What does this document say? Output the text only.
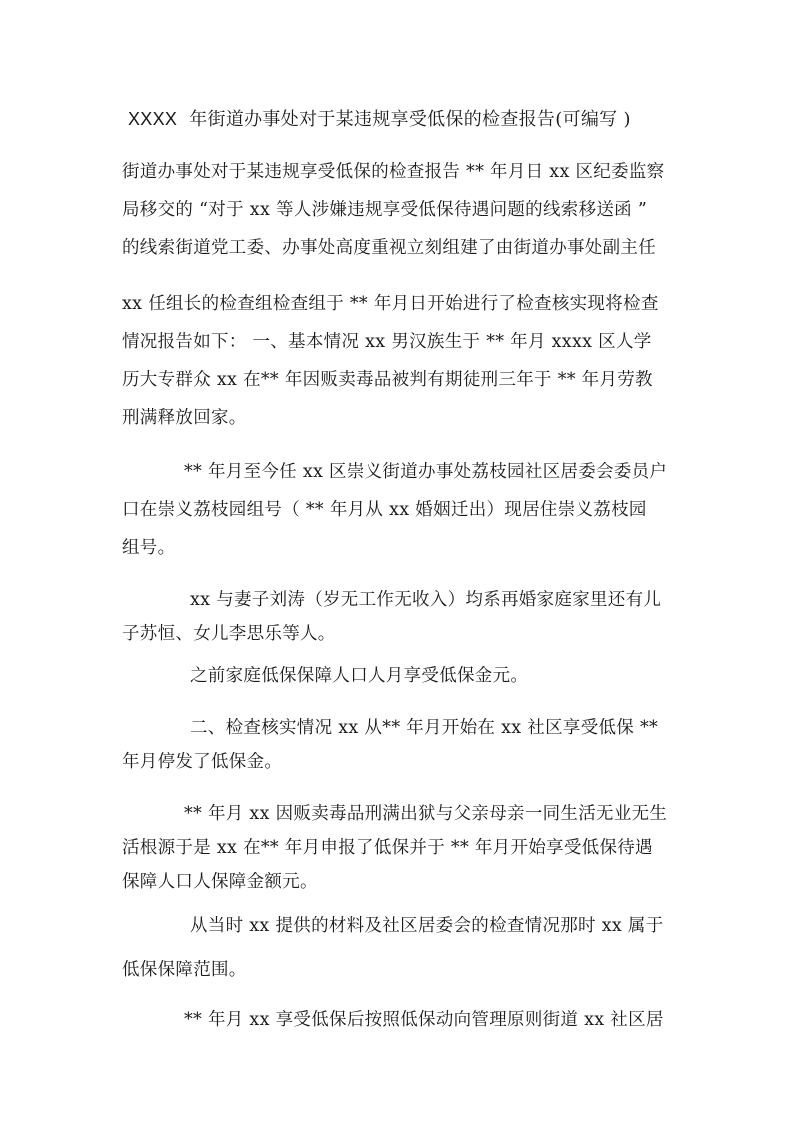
XXXX 年街道办事处对于某违规享受低保的检查报告(可编写 )
街道办事处对于某违规享受低保的检查报告 ** 年月日 xx 区纪委监察
局移交的 “对于 xx 等人涉嫌违规享受低保待遇问题的线索移送函 ”
的线索街道党工委、办事处高度重视立刻组建了由街道办事处副主任
xx 任组长的检查组检查组于 ** 年月日开始进行了检查核实现将检查
情况报告如下： 一、基本情况 xx 男汉族生于 ** 年月 xxxx 区人学
历大专群众 xx 在** 年因贩卖毒品被判有期徒刑三年于 ** 年月劳教
刑满释放回家。
** 年月至今任 xx 区崇义街道办事处荔枝园社区居委会委员户
口在崇义荔枝园组号（ ** 年月从 xx 婚姻迁出）现居住崇义荔枝园
组号。
xx 与妻子刘涛（岁无工作无收入）均系再婚家庭家里还有儿
子苏恒、女儿李思乐等人。
之前家庭低保保障人口人月享受低保金元。
二、检查核实情况 xx 从** 年月开始在 xx 社区享受低保 **
年月停发了低保金。
** 年月 xx 因贩卖毒品刑满出狱与父亲母亲一同生活无业无生
活根源于是 xx 在** 年月申报了低保并于 ** 年月开始享受低保待遇
保障人口人保障金额元。
从当时 xx 提供的材料及社区居委会的检查情况那时 xx 属于
低保保障范围。
** 年月 xx 享受低保后按照低保动向管理原则街道 xx 社区居
